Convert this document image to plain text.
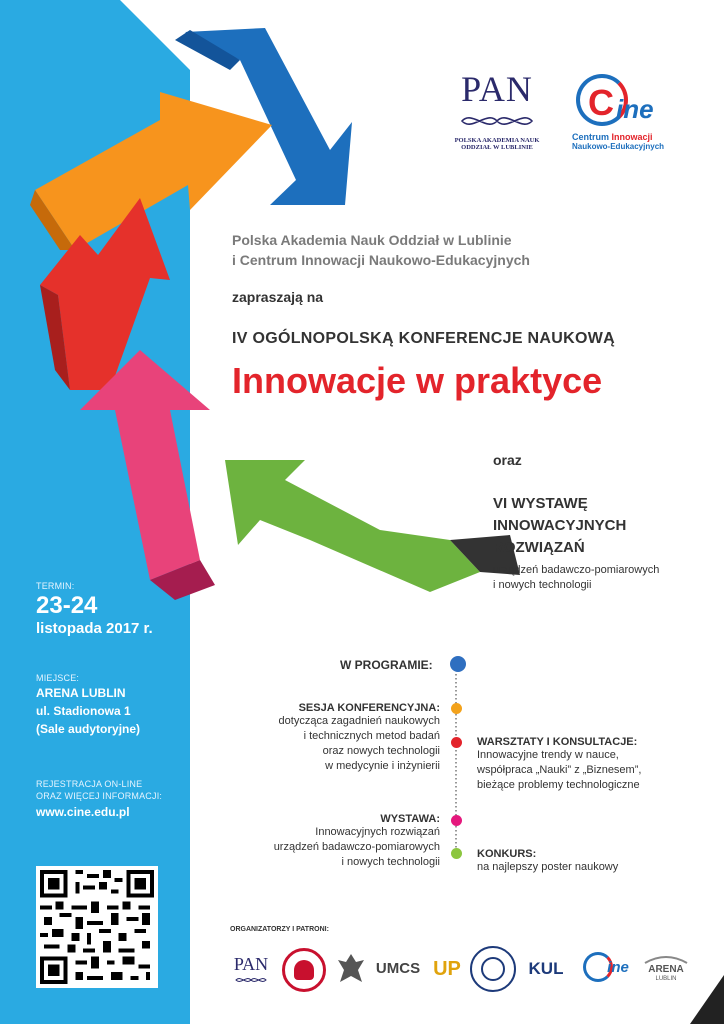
PAN
POLSKA AKADEMIA NAUK
ODDZIAŁ W LUBLINIE
C ine
Centrum Innowacji
Naukowo-Edukacyjnych
Polska Akademia Nauk Oddział w Lublinie
i Centrum Innowacji Naukowo-Edukacyjnych
zapraszają na
IV OGÓLNOPOLSKĄ KONFERENCJE NAUKOWĄ
Innowacje w praktyce
oraz
VI WYSTAWĘ
INNOWACYJNYCH
ROZWIĄZAŃ
urządzeń badawczo-pomiarowych
i nowych technologii
TERMIN:
23-24
listopada 2017 r.
MIEJSCE:
ARENA LUBLIN
ul. Stadionowa 1
(Sale audytoryjne)
REJESTRACJA ON-LINE
ORAZ WIĘCEJ INFORMACJI:
www.cine.edu.pl
W PROGRAMIE:
SESJA KONFERENCYJNA:
dotycząca zagadnień naukowych
i technicznych metod badań
oraz nowych technologii
w medycynie i inżynierii
WARSZTATY I KONSULTACJE:
Innowacyjne trendy w nauce,
współpraca „Nauki” z „Biznesem”,
bieżące problemy technologiczne
WYSTAWA:
Innowacyjnych rozwiązań
urządzeń badawczo-pomiarowych
i nowych technologii
KONKURS:
na najlepszy poster naukowy
ORGANIZATORZY I PATRONI:
PAN	UMCS UP	KUL	ine ARENA
LUBLIN
